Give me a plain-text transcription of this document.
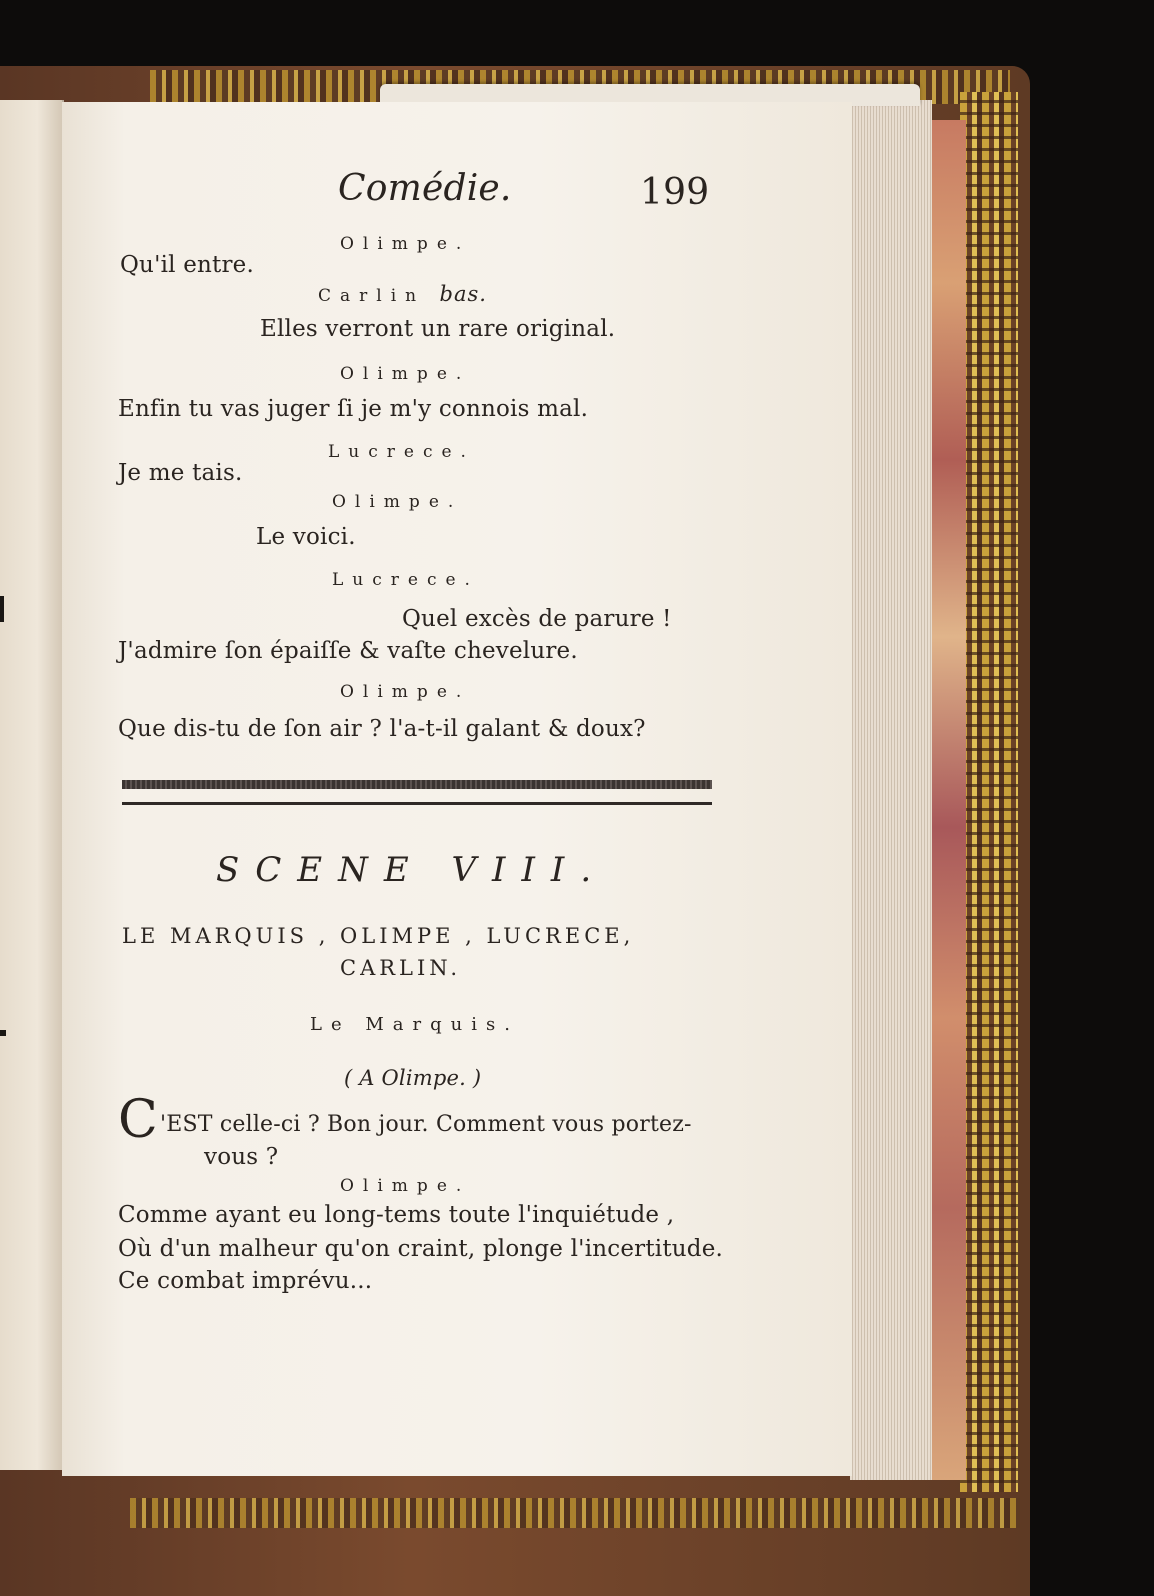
Comédie.	199
Olimpe.
Qu'il entre.
Carlin bas.
Elles verront un rare original.
Olimpe.
Enfin tu vas juger ſi je m'y connois mal.
Lucrece.
Je me tais.
Olimpe.
Le voici.
Lucrece.
Quel excès de parure !
J'admire ſon épaiſſe & vaſte chevelure.
Olimpe.
Que dis-tu de ſon air ? l'a-t-il galant & doux?
SCENE VIII.
LE MARQUIS , OLIMPE , LUCRECE,
CARLIN.
Le Marquis.
( A Olimpe. )
C 'EST celle-ci ? Bon jour. Comment vous portez-
vous ?
Olimpe.
Comme ayant eu long-tems toute l'inquiétude ,
Où d'un malheur qu'on craint, plonge l'incertitude.
Ce combat imprévu...
